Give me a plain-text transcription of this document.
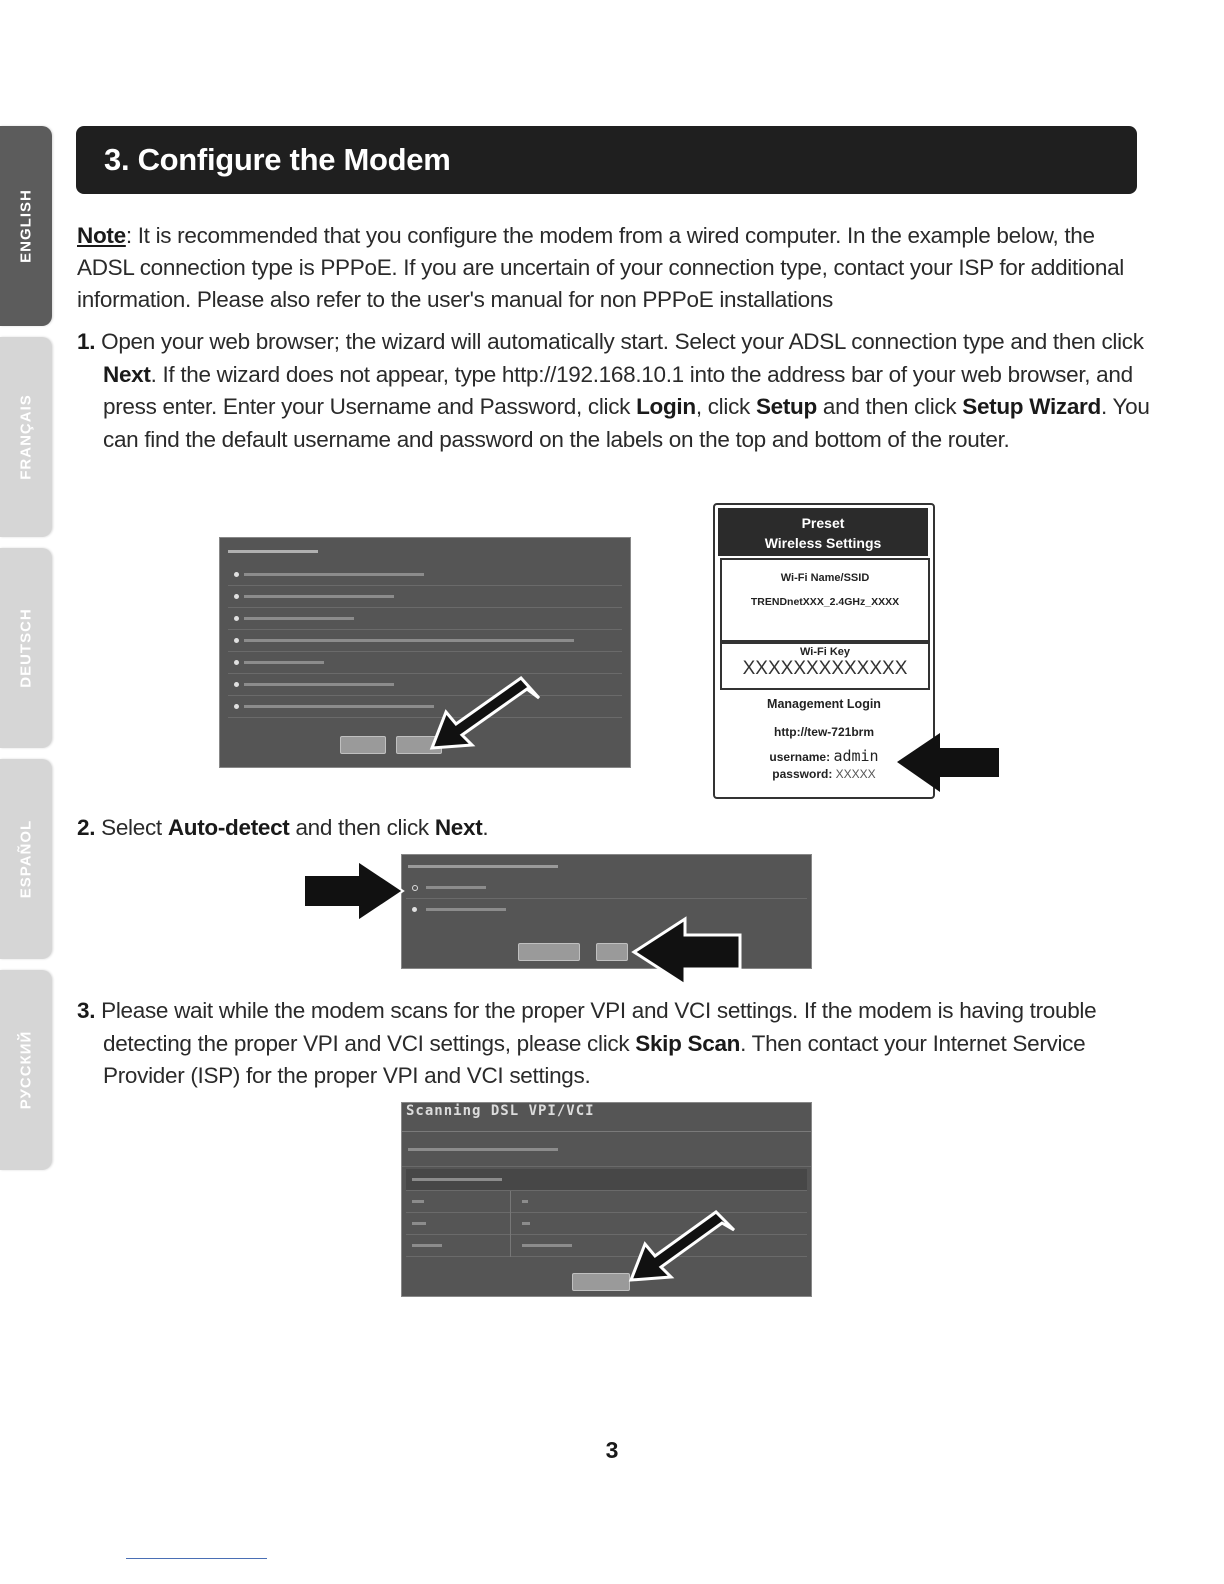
ENGLISH
FRANÇAIS
DEUTSCH
ESPAÑOL
РУССКИЙ
3. Configure the Modem

Note: It is recommended that you configure the modem from a wired computer. In the example below, the ADSL connection type is PPPoE. If you are uncertain of your connection type, contact your ISP for additional information. Please also refer to the user's manual for non PPPoE installations

1. Open your web browser; the wizard will automatically start. Select your ADSL connection type and then click Next. If the wizard does not appear, type http://192.168.10.1 into the address bar of your web browser, and press enter. Enter your Username and Password, click Login, click Setup and then click Setup Wizard. You can find the default username and password on the labels on the top and bottom of the router.

Preset
Wireless Settings
Wi-Fi Name/SSID
TRENDnetXXX_2.4GHz_XXXX
Wi-Fi Key
XXXXXXXXXXXXX
Management Login
http://tew-721brm
username: admin
password: XXXXX

2. Select Auto-detect and then click Next.

3. Please wait while the modem scans for the proper VPI and VCI settings. If the modem is having trouble detecting the proper VPI and VCI settings, please click Skip Scan. Then contact your Internet Service Provider (ISP) for the proper VPI and VCI settings.

Scanning DSL VPI/VCI
3
